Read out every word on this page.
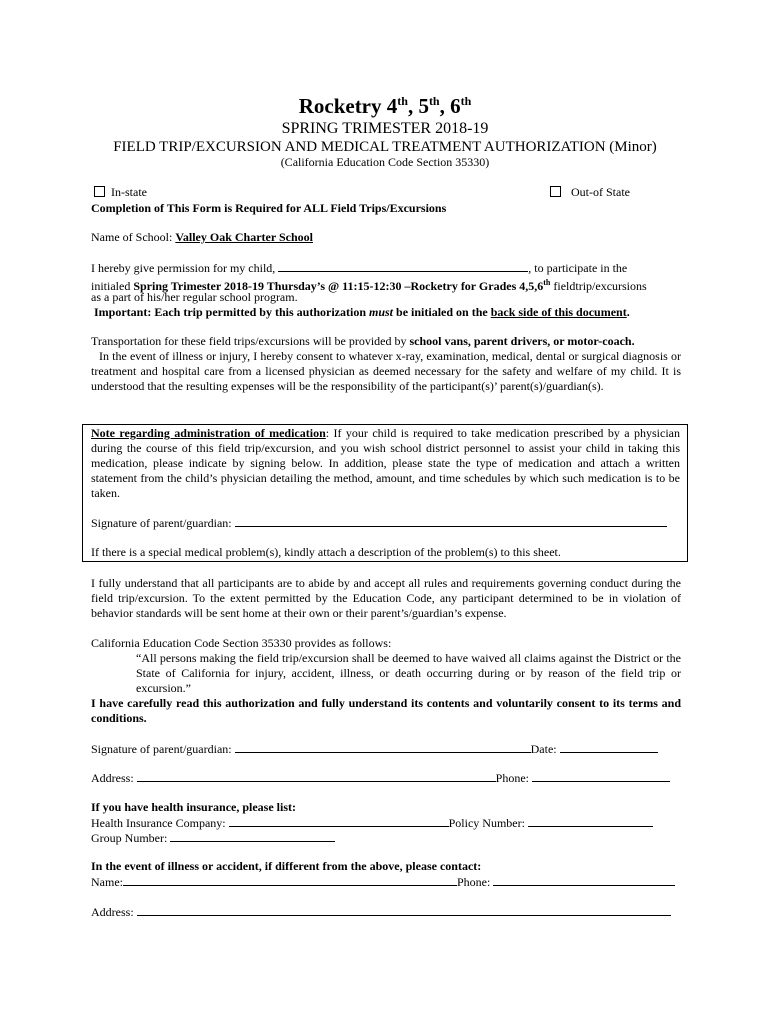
Rocketry 4th, 5th, 6th
SPRING TRIMESTER 2018-19
FIELD TRIP/EXCURSION AND MEDICAL TREATMENT AUTHORIZATION (Minor)
(California Education Code Section 35330)
In-state	Out-of State
Completion of This Form is Required for ALL Field Trips/Excursions
Name of School: Valley Oak Charter School
I hereby give permission for my child,	, to participate in the
initialed Spring Trimester 2018-19 Thursday’s @ 11:15-12:30 –Rocketry for Grades 4,5,6th fieldtrip/excursions
as a part of his/her regular school program.
Important: Each trip permitted by this authorization must be initialed on the back side of this document.
Transportation for these field trips/excursions will be provided by school vans, parent drivers, or motor-coach.
In the event of illness or injury, I hereby consent to whatever x-ray, examination, medical, dental or surgical diagnosis or treatment and hospital care from a licensed physician as deemed necessary for the safety and welfare of my child. It is understood that the resulting expenses will be the responsibility of the participant(s)’ parent(s)/guardian(s).
Note regarding administration of medication: If your child is required to take medication prescribed by a physician during the course of this field trip/excursion, and you wish school district personnel to assist your child in taking this medication, please indicate by signing below. In addition, please state the type of medication and attach a written statement from the child’s physician detailing the method, amount, and time schedules by which such medication is to be taken.
Signature of parent/guardian:
If there is a special medical problem(s), kindly attach a description of the problem(s) to this sheet.
I fully understand that all participants are to abide by and accept all rules and requirements governing conduct during the field trip/excursion. To the extent permitted by the Education Code, any participant determined to be in violation of behavior standards will be sent home at their own or their parent’s/guardian’s expense.
California Education Code Section 35330 provides as follows:
“All persons making the field trip/excursion shall be deemed to have waived all claims against the District or the State of California for injury, accident, illness, or death occurring during or by reason of the field trip or excursion.”
I have carefully read this authorization and fully understand its contents and voluntarily consent to its terms and conditions.
Signature of parent/guardian:	Date:
Address:	Phone:
If you have health insurance, please list:
Health Insurance Company:	Policy Number:
Group Number:
In the event of illness or accident, if different from the above, please contact:
Name:	Phone:
Address:
